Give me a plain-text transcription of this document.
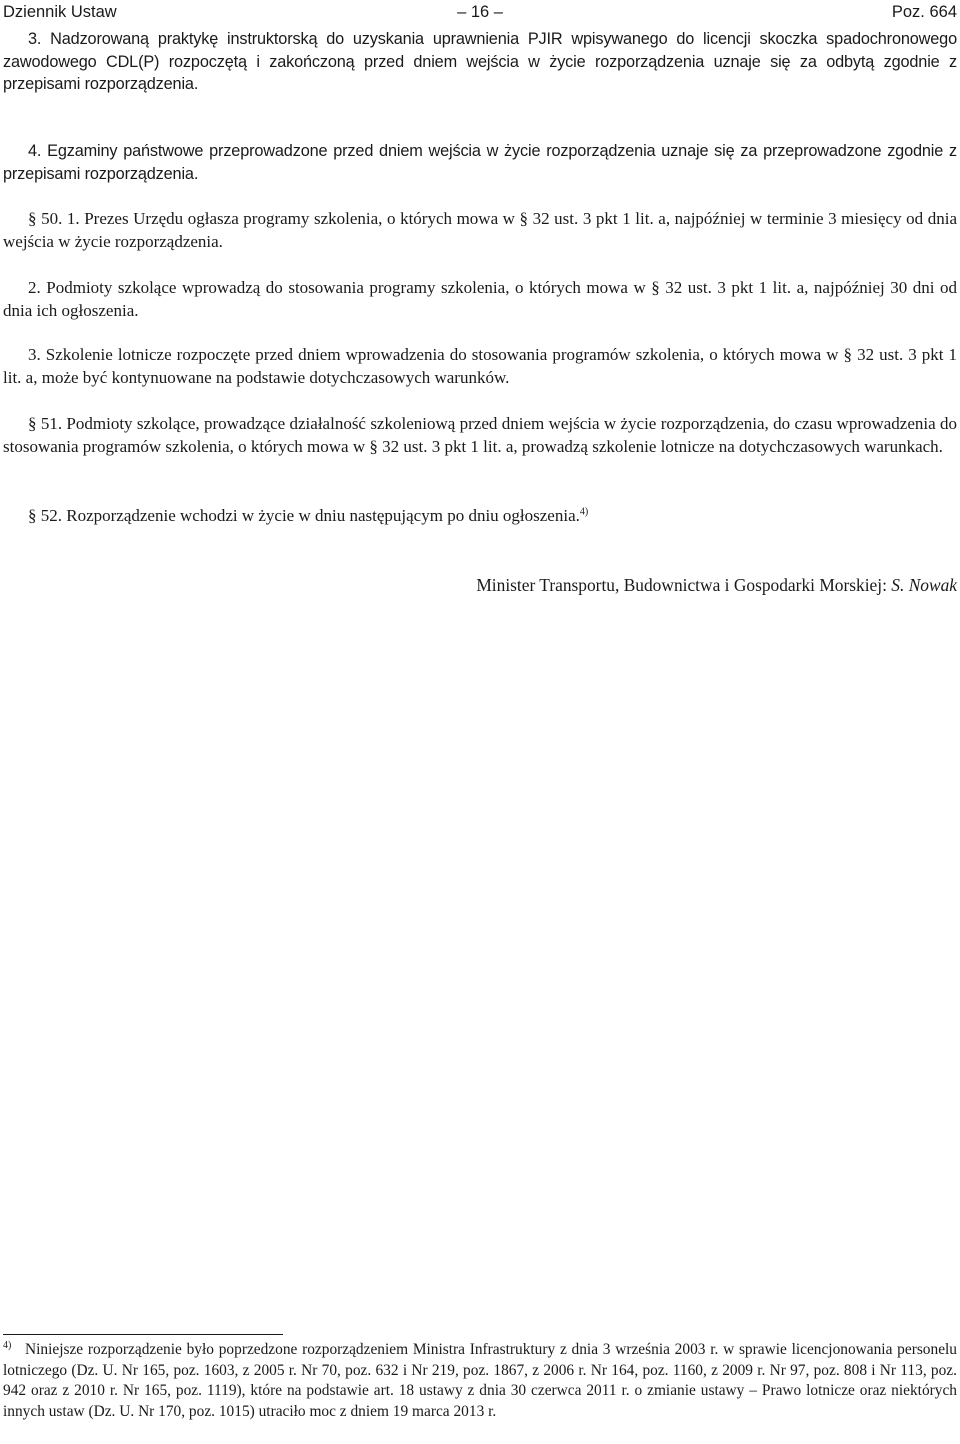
Dziennik Ustaw	– 16 –	Poz. 664

3. Nadzorowaną praktykę instruktorską do uzyskania uprawnienia PJIR wpisywanego do licencji skoczka spadochronowego zawodowego CDL(P) rozpoczętą i zakończoną przed dniem wejścia w życie rozporządzenia uznaje się za odbytą zgodnie z przepisami rozporządzenia.

4. Egzaminy państwowe przeprowadzone przed dniem wejścia w życie rozporządzenia uznaje się za przeprowadzone zgodnie z przepisami rozporządzenia.

§ 50. 1. Prezes Urzędu ogłasza programy szkolenia, o których mowa w § 32 ust. 3 pkt 1 lit. a, najpóźniej w terminie 3 miesięcy od dnia wejścia w życie rozporządzenia.

2. Podmioty szkolące wprowadzą do stosowania programy szkolenia, o których mowa w § 32 ust. 3 pkt 1 lit. a, najpóźniej 30 dni od dnia ich ogłoszenia.

3. Szkolenie lotnicze rozpoczęte przed dniem wprowadzenia do stosowania programów szkolenia, o których mowa w § 32 ust. 3 pkt 1 lit. a, może być kontynuowane na podstawie dotychczasowych warunków.

§ 51. Podmioty szkolące, prowadzące działalność szkoleniową przed dniem wejścia w życie rozporządzenia, do czasu wprowadzenia do stosowania programów szkolenia, o których mowa w § 32 ust. 3 pkt 1 lit. a, prowadzą szkolenie lotnicze na dotychczasowych warunkach.

§ 52. Rozporządzenie wchodzi w życie w dniu następującym po dniu ogłoszenia.$^{4)}$

Minister Transportu, Budownictwa i Gospodarki Morskiej: S. Nowak
4) Niniejsze rozporządzenie było poprzedzone rozporządzeniem Ministra Infrastruktury z dnia 3 września 2003 r. w sprawie licencjonowania personelu lotniczego (Dz. U. Nr 165, poz. 1603, z 2005 r. Nr 70, poz. 632 i Nr 219, poz. 1867, z 2006 r. Nr 164, poz. 1160, z 2009 r. Nr 97, poz. 808 i Nr 113, poz. 942 oraz z 2010 r. Nr 165, poz. 1119), które na podstawie art. 18 ustawy z dnia 30 czerwca 2011 r. o zmianie ustawy – Prawo lotnicze oraz niektórych innych ustaw (Dz. U. Nr 170, poz. 1015) utraciło moc z dniem 19 marca 2013 r.
